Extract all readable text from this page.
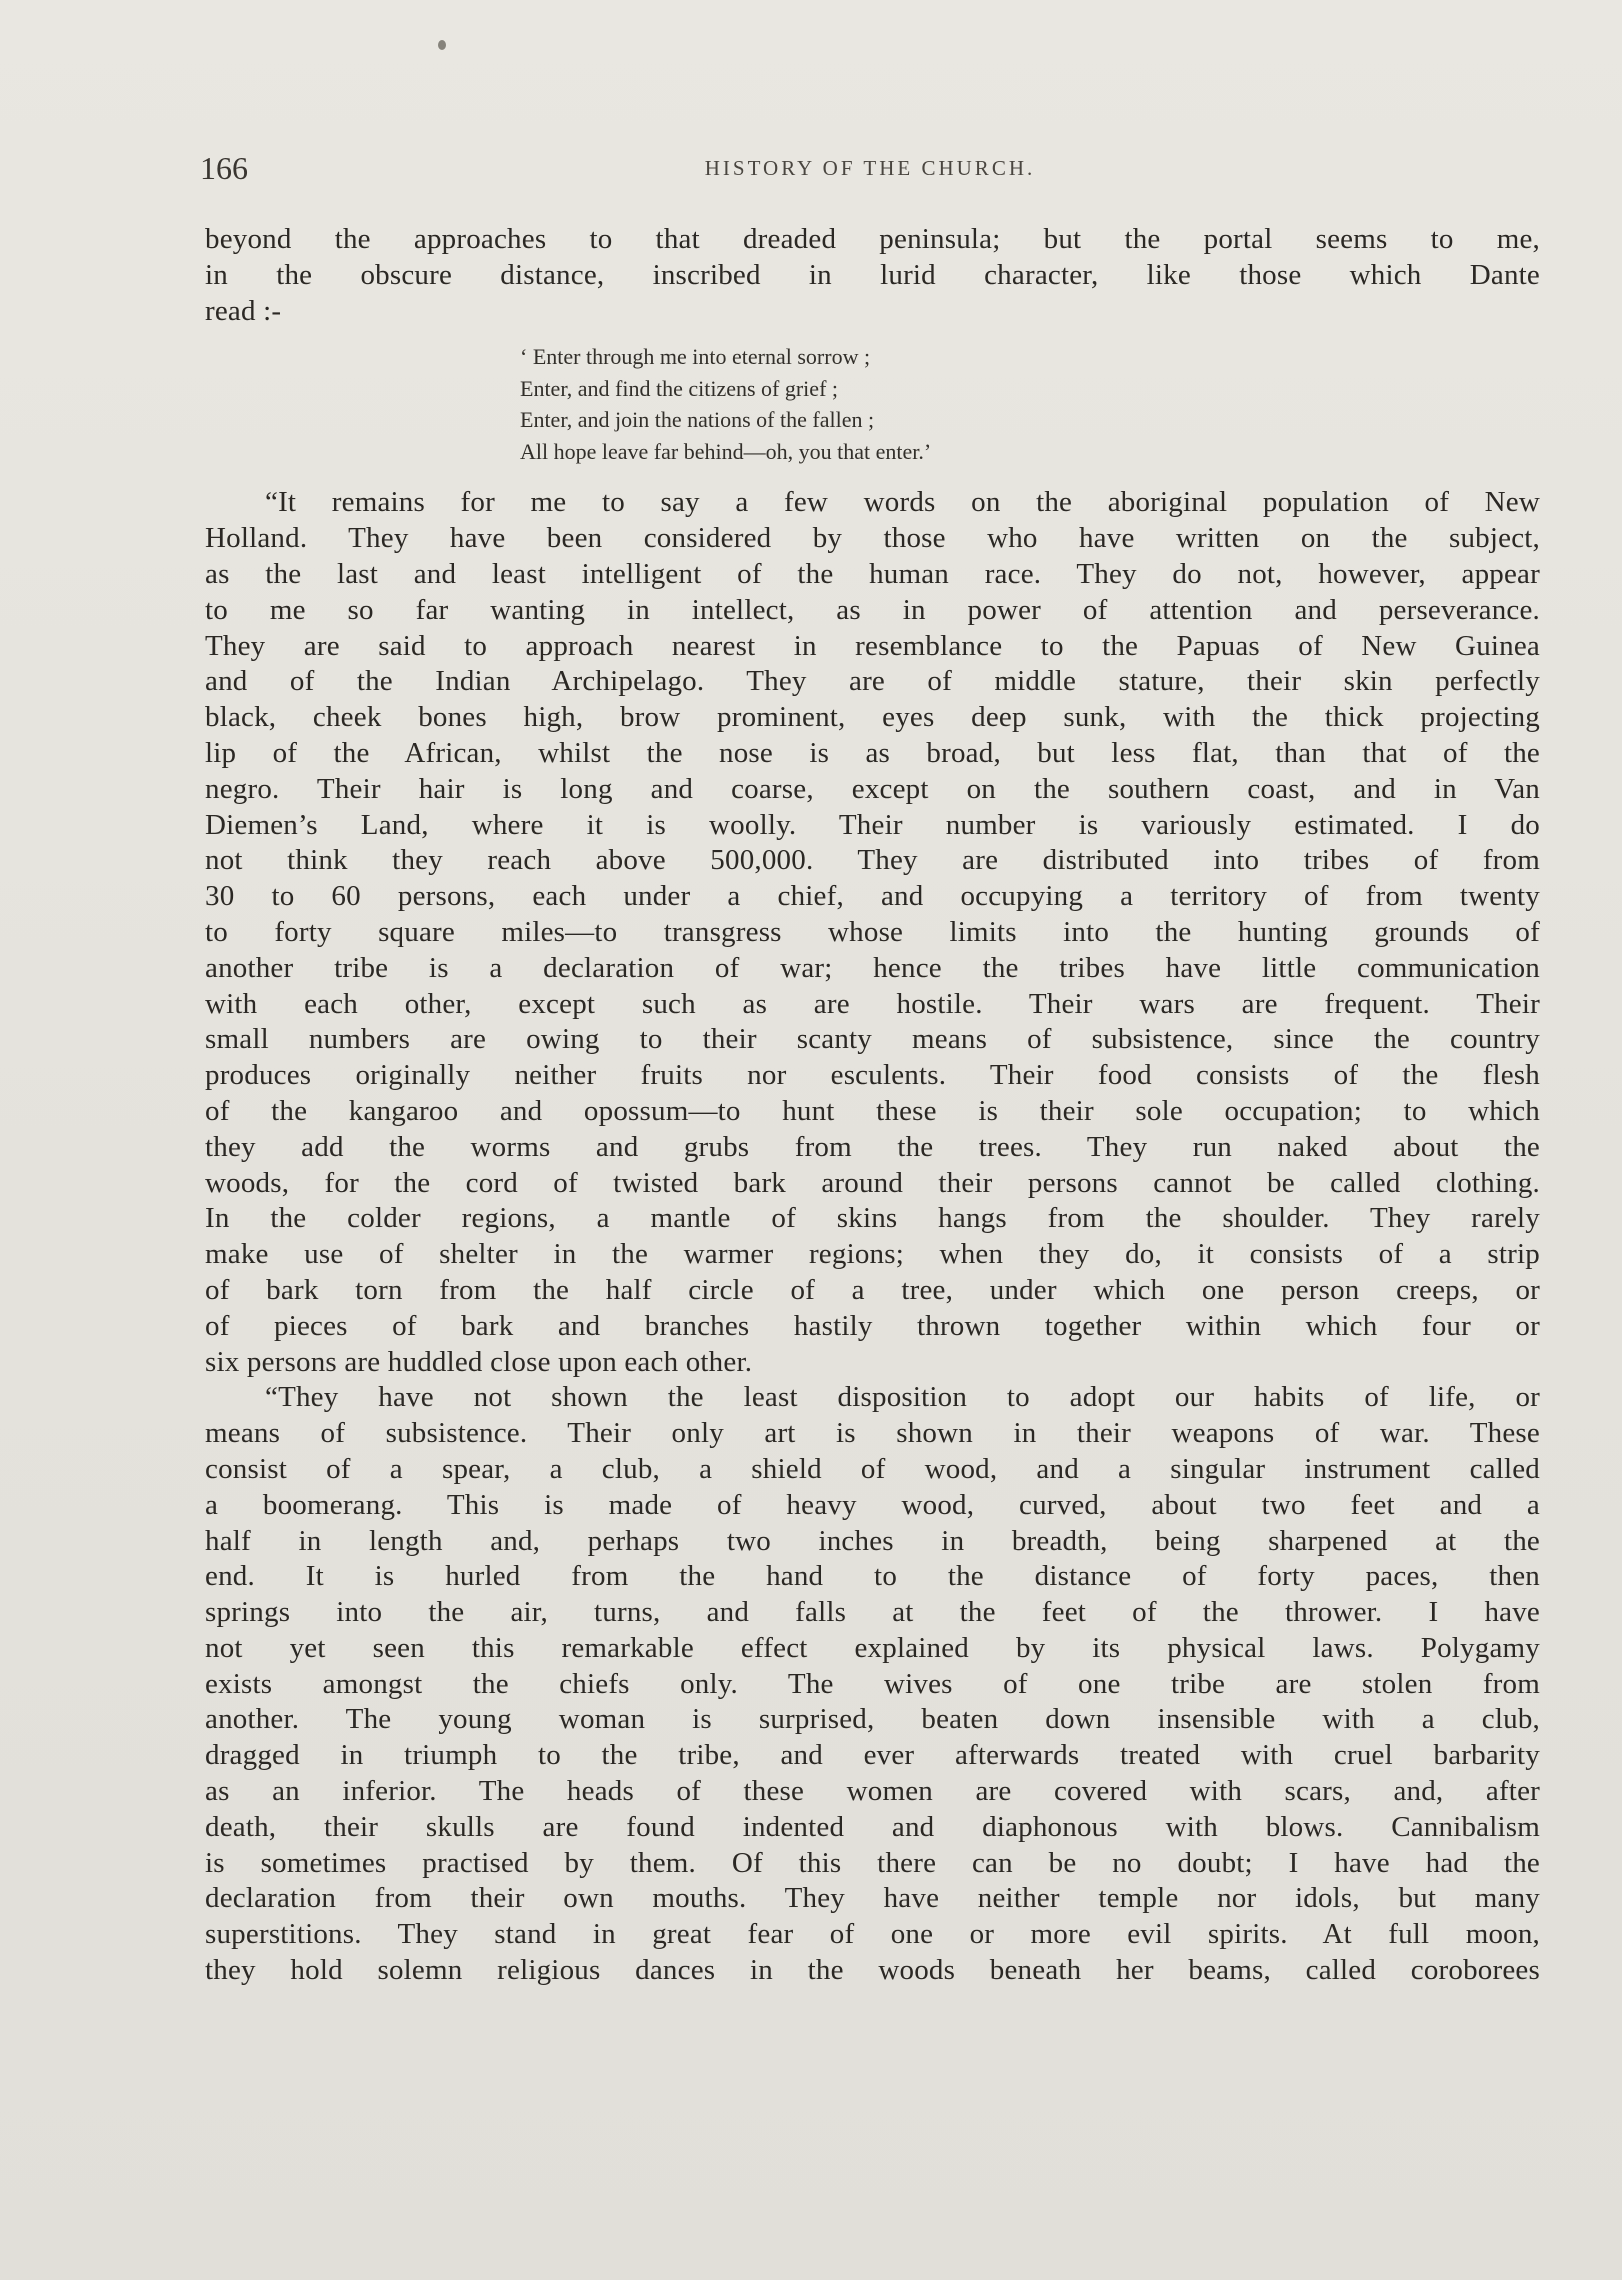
166	HISTORY OF THE CHURCH.
beyond the approaches to that dreaded peninsula; but the portal seems to me,
in the obscure distance, inscribed in lurid character, like those which Dante
read :-
‘ Enter through me into eternal sorrow ;
Enter, and find the citizens of grief ;
Enter, and join the nations of the fallen ;
All hope leave far behind—oh, you that enter.’
“It remains for me to say a few words on the aboriginal population of New
Holland. They have been considered by those who have written on the subject,
as the last and least intelligent of the human race. They do not, however, appear
to me so far wanting in intellect, as in power of attention and perseverance.
They are said to approach nearest in resemblance to the Papuas of New Guinea
and of the Indian Archipelago. They are of middle stature, their skin perfectly
black, cheek bones high, brow prominent, eyes deep sunk, with the thick projecting
lip of the African, whilst the nose is as broad, but less flat, than that of the
negro. Their hair is long and coarse, except on the southern coast, and in Van
Diemen’s Land, where it is woolly. Their number is variously estimated. I do
not think they reach above 500,000. They are distributed into tribes of from
30 to 60 persons, each under a chief, and occupying a territory of from twenty
to forty square miles—to transgress whose limits into the hunting grounds of
another tribe is a declaration of war; hence the tribes have little communication
with each other, except such as are hostile. Their wars are frequent. Their
small numbers are owing to their scanty means of subsistence, since the country
produces originally neither fruits nor esculents. Their food consists of the flesh
of the kangaroo and opossum—to hunt these is their sole occupation; to which
they add the worms and grubs from the trees. They run naked about the
woods, for the cord of twisted bark around their persons cannot be called clothing.
In the colder regions, a mantle of skins hangs from the shoulder. They rarely
make use of shelter in the warmer regions; when they do, it consists of a strip
of bark torn from the half circle of a tree, under which one person creeps, or
of pieces of bark and branches hastily thrown together within which four or
six persons are huddled close upon each other.
“They have not shown the least disposition to adopt our habits of life, or
means of subsistence. Their only art is shown in their weapons of war. These
consist of a spear, a club, a shield of wood, and a singular instrument called
a boomerang. This is made of heavy wood, curved, about two feet and a
half in length and, perhaps two inches in breadth, being sharpened at the
end. It is hurled from the hand to the distance of forty paces, then
springs into the air, turns, and falls at the feet of the thrower. I have
not yet seen this remarkable effect explained by its physical laws. Polygamy
exists amongst the chiefs only. The wives of one tribe are stolen from
another. The young woman is surprised, beaten down insensible with a club,
dragged in triumph to the tribe, and ever afterwards treated with cruel barbarity
as an inferior. The heads of these women are covered with scars, and, after
death, their skulls are found indented and diaphonous with blows. Cannibalism
is sometimes practised by them. Of this there can be no doubt; I have had the
declaration from their own mouths. They have neither temple nor idols, but many
superstitions. They stand in great fear of one or more evil spirits. At full moon,
they hold solemn religious dances in the woods beneath her beams, called coroborees
